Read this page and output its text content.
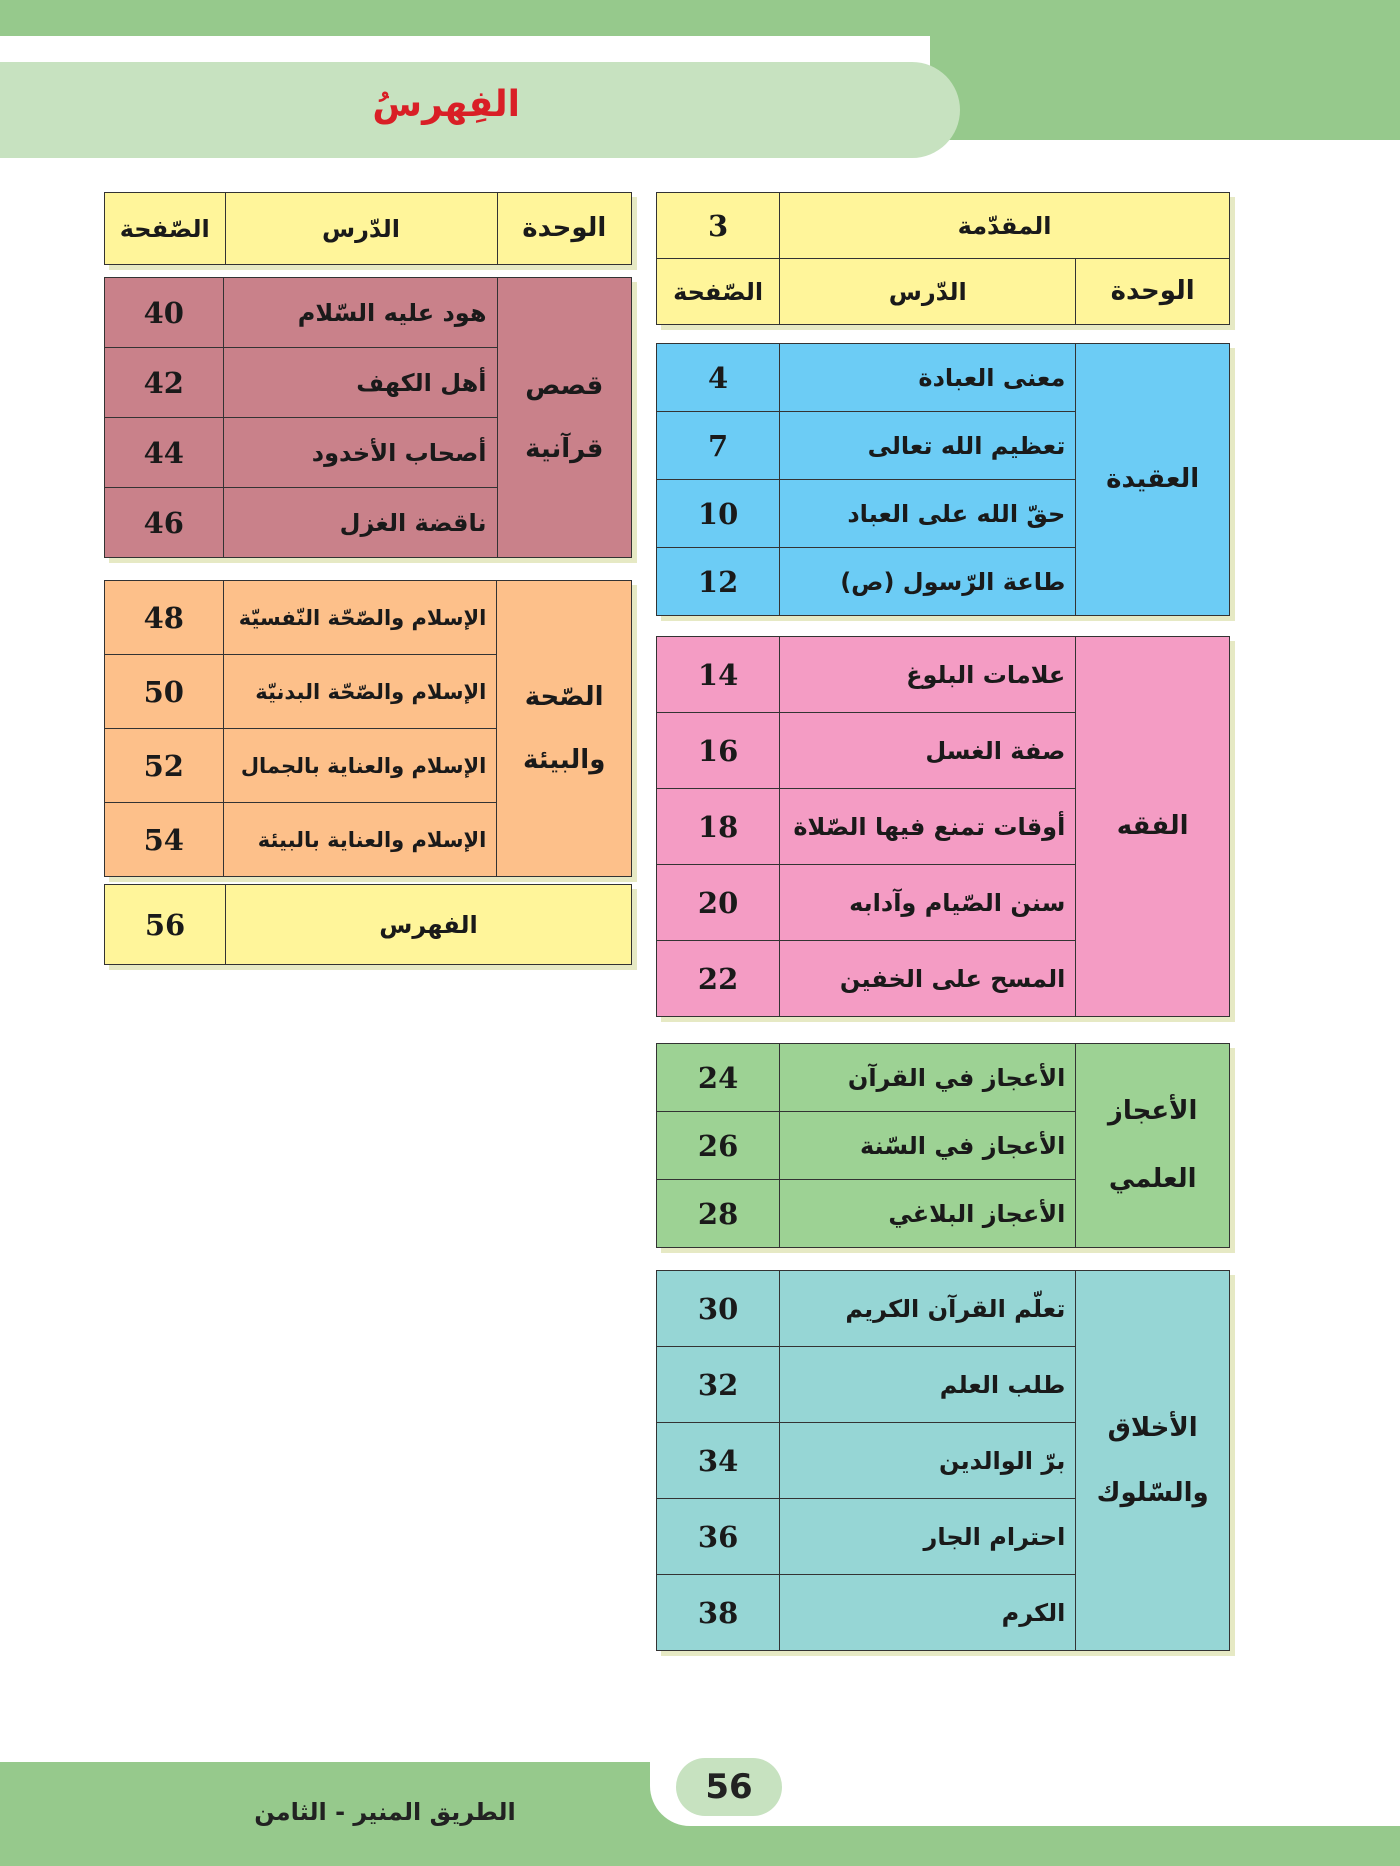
الفِهرسُ
المقدّمة		3
الوحدة	الدّرس	الصّفحة
العقيدة	معنى العبادة	4
	تعظيم الله تعالى	7
	حقّ الله على العباد	10
	طاعة الرّسول (ص)	12
الفقه	علامات البلوغ	14
	صفة الغسل	16
	أوقات تمنع فيها الصّلاة	18
	سنن الصّيام وآدابه	20
	المسح على الخفين	22
الأعجاز العلمي	الأعجاز في القرآن	24
	الأعجاز في السّنة	26
	الأعجاز البلاغي	28
الأخلاق والسّلوك	تعلّم القرآن الكريم	30
	طلب العلم	32
	برّ الوالدين	34
	احترام الجار	36
	الكرم	38
الوحدة	الدّرس	الصّفحة
قصص قرآنية	هود عليه السّلام	40
	أهل الكهف	42
	أصحاب الأخدود	44
	ناقضة الغزل	46
الصّحة والبيئة	الإسلام والصّحّة النّفسيّة	48
	الإسلام والصّحّة البدنيّة	50
	الإسلام والعناية بالجمال	52
	الإسلام والعناية بالبيئة	54
الفهرس	56
56
الطريق المنير - الثامن
